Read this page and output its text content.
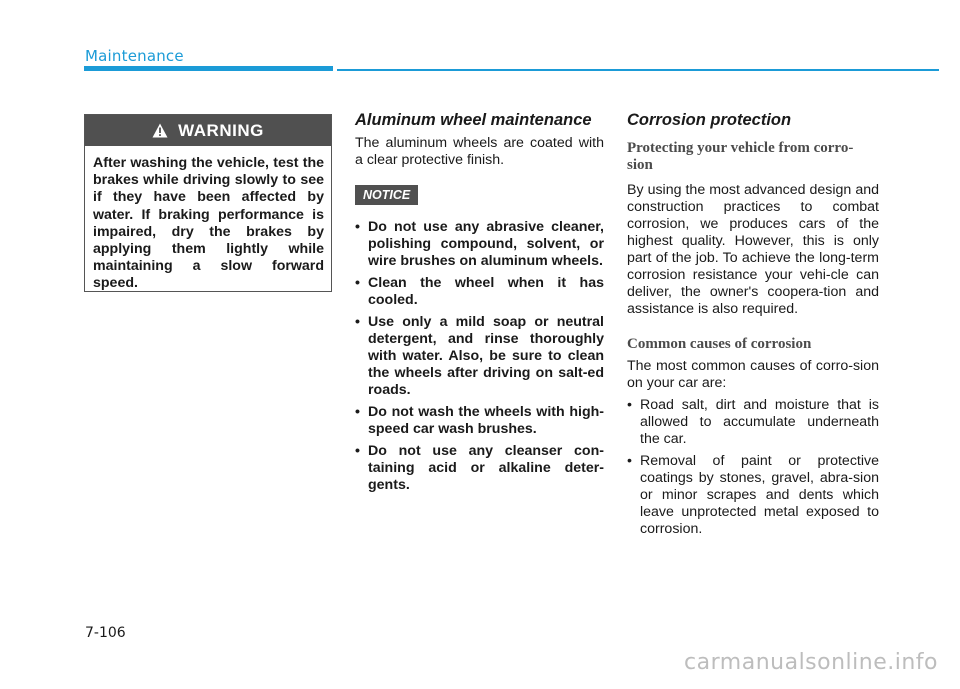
Maintenance
WARNING
After washing the vehicle, test the brakes while driving slowly to see if they have been affected by water. If braking performance is impaired, dry the brakes by applying them lightly while maintaining a slow forward speed.
Aluminum wheel maintenance

The aluminum wheels are coated with a clear protective finish.

NOTICE
• Do not use any abrasive cleaner, polishing compound, solvent, or wire brushes on aluminum wheels.
• Clean the wheel when it has cooled.
• Use only a mild soap or neutral detergent, and rinse thoroughly with water. Also, be sure to clean the wheels after driving on salt-ed roads.
• Do not wash the wheels with high-speed car wash brushes.
• Do not use any cleanser con-taining acid or alkaline deter-gents.
Corrosion protection
Protecting your vehicle from corro-sion

By using the most advanced design and construction practices to combat corrosion, we produces cars of the highest quality. However, this is only part of the job. To achieve the long-term corrosion resistance your vehi-cle can deliver, the owner's coopera-tion and assistance is also required.

Common causes of corrosion

The most common causes of corro-sion on your car are:

• Road salt, dirt and moisture that is allowed to accumulate underneath the car.
• Removal of paint or protective coatings by stones, gravel, abra-sion or minor scrapes and dents which leave unprotected metal exposed to corrosion.
7-106
carmanualsonline.info
